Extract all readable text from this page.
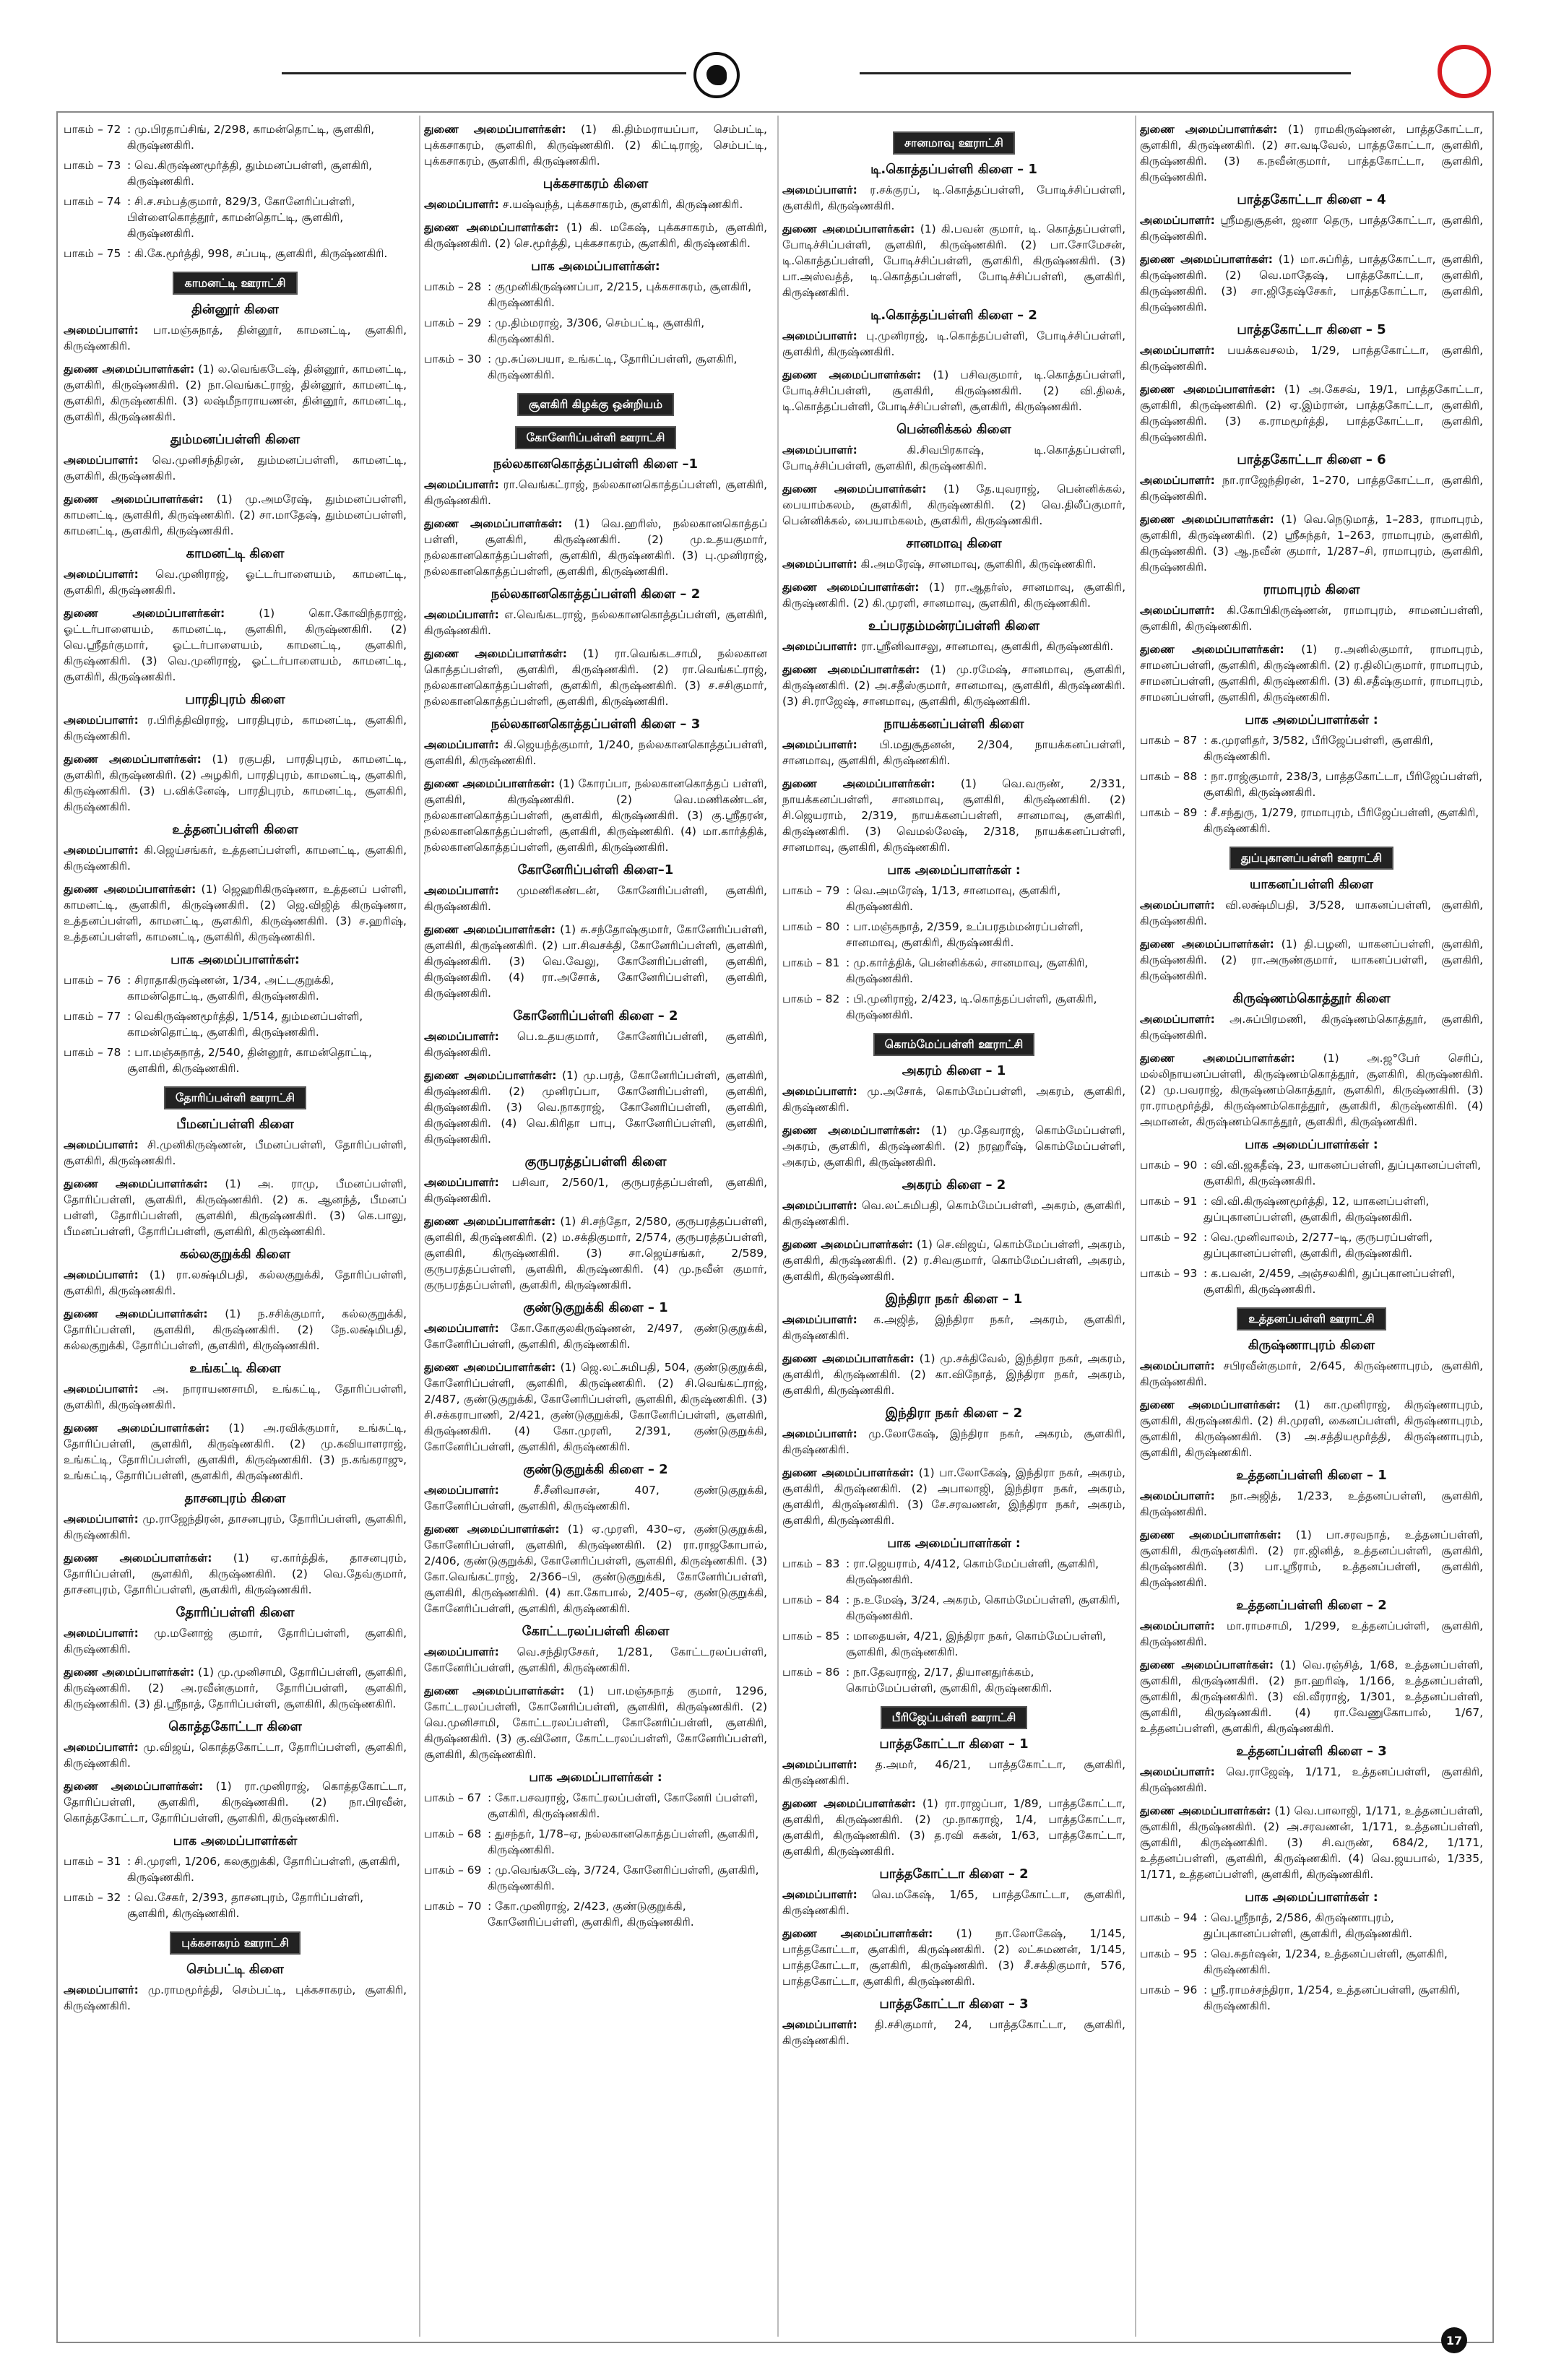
பாகம் – 72 : மு.பிரதாப்சிங், 2/298, காமன்தொட்டி, சூளகிரி, கிருஷ்ணகிரி.
பாகம் – 73 : வெ.கிருஷ்ணமூர்த்தி, தும்மனப்பள்ளி, சூளகிரி, கிருஷ்ணகிரி.
பாகம் – 74 : சி.ச.சம்பத்குமார், 829/3, கோனேரிப்பள்ளி, பிள்ளைகொத்தூர், காமன்தொட்டி, சூளகிரி, கிருஷ்ணகிரி.
பாகம் – 75 : கி.கே.மூர்த்தி, 998, சப்படி, சூளகிரி, கிருஷ்ணகிரி.
காமனட்டி ஊராட்சி
தின்னூர் கிளை

அமைப்பாளர்: பா.மஞ்சுநாத், தின்னூர், காமனட்டி, சூளகிரி, கிருஷ்ணகிரி.

துணை அமைப்பாளர்கள்: (1) ல.வெங்கடேஷ், தின்னூர், காமனட்டி, சூளகிரி, கிருஷ்ணகிரி. (2) நா.வெங்கட்ராஜ், தின்னூர், காமனட்டி, சூளகிரி, கிருஷ்ணகிரி. (3) லஷ்மீநாராயணன், தின்னூர், காமனட்டி, சூளகிரி, கிருஷ்ணகிரி.

தும்மனப்பள்ளி கிளை

அமைப்பாளர்: வெ.முனிசந்திரன், தும்மனப்பள்ளி, காமனட்டி, சூளகிரி, கிருஷ்ணகிரி.

துணை அமைப்பாளர்கள்: (1) மு.அமரேஷ், தும்மனப்பள்ளி, காமனட்டி, சூளகிரி, கிருஷ்ணகிரி. (2) சா.மாதேஷ், தும்மனப்பள்ளி, காமனட்டி, சூளகிரி, கிருஷ்ணகிரி.

காமனட்டி கிளை

அமைப்பாளர்: வெ.முனிராஜ், ஓட்டர்பாளையம், காமனட்டி, சூளகிரி, கிருஷ்ணகிரி.

துணை அமைப்பாளர்கள்: (1) கொ.கோவிந்தராஜ், ஓட்டர்பாளையம், காமனட்டி, சூளகிரி, கிருஷ்ணகிரி. (2) வெ.ஸ்ரீதர்குமார், ஓட்டர்பாளையம், காமனட்டி, சூளகிரி, கிருஷ்ணகிரி. (3) வெ.முனிராஜ், ஓட்டர்பாளையம், காமனட்டி, சூளகிரி, கிருஷ்ணகிரி.

பாரதிபுரம் கிளை

அமைப்பாளர்: ர.பிரித்திவிராஜ், பாரதிபுரம், காமனட்டி, சூளகிரி, கிருஷ்ணகிரி.

துணை அமைப்பாளர்கள்: (1) ரகுபதி, பாரதிபுரம், காமனட்டி, சூளகிரி, கிருஷ்ணகிரி. (2) அழகிரி, பாரதிபுரம், காமனட்டி, சூளகிரி, கிருஷ்ணகிரி. (3) ப.விக்னேஷ், பாரதிபுரம், காமனட்டி, சூளகிரி, கிருஷ்ணகிரி.

உத்தனப்பள்ளி கிளை

அமைப்பாளர்: கி.ஜெய்சங்கர், உத்தனப்பள்ளி, காமனட்டி, சூளகிரி, கிருஷ்ணகிரி.

துணை அமைப்பாளர்கள்: (1) ஜெஹரிகிருஷ்ணா, உத்தனப் பள்ளி, காமனட்டி, சூளகிரி, கிருஷ்ணகிரி. (2) ஜெ.விஜித் கிருஷ்ணா, உத்தனப்பள்ளி, காமனட்டி, சூளகிரி, கிருஷ்ணகிரி. (3) ச.ஹரிஷ், உத்தனப்பள்ளி, காமனட்டி, சூளகிரி, கிருஷ்ணகிரி.

பாக அமைப்பாளர்கள்:
பாகம் – 76 : சிராதாகிருஷ்ணன், 1/34, அட்டகுறுக்கி, காமன்தொட்டி, சூளகிரி, கிருஷ்ணகிரி.
பாகம் – 77 : வெகிருஷ்ணமூர்த்தி, 1/514, தும்மனப்பள்ளி, காமன்தொட்டி, சூளகிரி, கிருஷ்ணகிரி.
பாகம் – 78 : பா.மஞ்சுநாத், 2/540, தின்னூர், காமன்தொட்டி, சூளகிரி, கிருஷ்ணகிரி.
தோரிப்பள்ளி ஊராட்சி
பீமனப்பள்ளி கிளை

அமைப்பாளர்: சி.முனிகிருஷ்ணன், பீமனப்பள்ளி, தோரிப்பள்ளி, சூளகிரி, கிருஷ்ணகிரி.

துணை அமைப்பாளர்கள்: (1) அ. ராமு, பீமனப்பள்ளி, தோரிப்பள்ளி, சூளகிரி, கிருஷ்ணகிரி. (2) க. ஆனந்த், பீமனப் பள்ளி, தோரிப்பள்ளி, சூளகிரி, கிருஷ்ணகிரி. (3) கெ.பாலு, பீமனப்பள்ளி, தோரிப்பள்ளி, சூளகிரி, கிருஷ்ணகிரி.

கல்லகுறுக்கி கிளை

அமைப்பாளர்: (1) ரா.லக்ஷ்மிபதி, கல்லகுறுக்கி, தோரிப்பள்ளி, சூளகிரி, கிருஷ்ணகிரி.

துணை அமைப்பாளர்கள்: (1) ந.சசிக்குமார், கல்லகுறுக்கி, தோரிப்பள்ளி, சூளகிரி, கிருஷ்ணகிரி. (2) நே.லக்ஷ்மிபதி, கல்லகுறுக்கி, தோரிப்பள்ளி, சூளகிரி, கிருஷ்ணகிரி.

உங்கட்டி கிளை

அமைப்பாளர்: அ. நாராயணசாமி, உங்கட்டி, தோரிப்பள்ளி, சூளகிரி, கிருஷ்ணகிரி.

துணை அமைப்பாளர்கள்: (1) அ.ரவிக்குமார், உங்கட்டி, தோரிப்பள்ளி, சூளகிரி, கிருஷ்ணகிரி. (2) மு.கவியாளராஜ், உங்கட்டி, தோரிப்பள்ளி, சூளகிரி, கிருஷ்ணகிரி. (3) ந.கங்கராஜு, உங்கட்டி, தோரிப்பள்ளி, சூளகிரி, கிருஷ்ணகிரி.

தாசனபுரம் கிளை

அமைப்பாளர்: மு.ராஜேந்திரன், தாசனபுரம், தோரிப்பள்ளி, சூளகிரி, கிருஷ்ணகிரி.

துணை அமைப்பாளர்கள்: (1) ஏ.கார்த்திக், தாசனபுரம், தோரிப்பள்ளி, சூளகிரி, கிருஷ்ணகிரி. (2) வெ.தேவ்குமார், தாசனபுரம், தோரிப்பள்ளி, சூளகிரி, கிருஷ்ணகிரி.

தோரிப்பள்ளி கிளை

அமைப்பாளர்: மு.மனோஜ் குமார், தோரிப்பள்ளி, சூளகிரி, கிருஷ்ணகிரி.

துணை அமைப்பாளர்கள்: (1) மு.முனிசாமி, தோரிப்பள்ளி, சூளகிரி, கிருஷ்ணகிரி. (2) அ.ரவீன்குமார், தோரிப்பள்ளி, சூளகிரி, கிருஷ்ணகிரி. (3) தி.ஸ்ரீநாத், தோரிப்பள்ளி, சூளகிரி, கிருஷ்ணகிரி.

கொத்தகோட்டா கிளை

அமைப்பாளர்: மு.விஜய், கொத்தகோட்டா, தோரிப்பள்ளி, சூளகிரி, கிருஷ்ணகிரி.

துணை அமைப்பாளர்கள்: (1) ரா.முனிராஜ், கொத்தகோட்டா, தோரிப்பள்ளி, சூளகிரி, கிருஷ்ணகிரி. (2) நா.பிரவீன், கொத்தகோட்டா, தோரிப்பள்ளி, சூளகிரி, கிருஷ்ணகிரி.

பாக அமைப்பாளர்கள்
பாகம் – 31 : சி.முரளி, 1/206, கலகுறுக்கி, தோரிப்பள்ளி, சூளகிரி, கிருஷ்ணகிரி.
பாகம் – 32 : வெ.சேகர், 2/393, தாசனபுரம், தோரிப்பள்ளி, சூளகிரி, கிருஷ்ணகிரி.
புக்கசாகரம் ஊராட்சி
செம்பட்டி கிளை

அமைப்பாளர்: மு.ராமமூர்த்தி, செம்பட்டி, புக்கசாகரம், சூளகிரி, கிருஷ்ணகிரி.

துணை அமைப்பாளர்கள்: (1) கி.திம்மராயப்பா, செம்பட்டி, புக்கசாகரம், சூளகிரி, கிருஷ்ணகிரி. (2) கிட்டிராஜ், செம்பட்டி, புக்கசாகரம், சூளகிரி, கிருஷ்ணகிரி.

புக்கசாகரம் கிளை

அமைப்பாளர்: ச.யஷ்வந்த், புக்கசாகரம், சூளகிரி, கிருஷ்ணகிரி.

துணை அமைப்பாளர்கள்: (1) கி. மகேஷ், புக்கசாகரம், சூளகிரி, கிருஷ்ணகிரி. (2) செ.மூர்த்தி, புக்கசாகரம், சூளகிரி, கிருஷ்ணகிரி.

பாக அமைப்பாளர்கள்:
பாகம் – 28 : குமுனிகிருஷ்ணப்பா, 2/215, புக்கசாகரம், சூளகிரி, கிருஷ்ணகிரி.
பாகம் – 29 : மு.திம்மராஜ், 3/306, செம்பட்டி, சூளகிரி, கிருஷ்ணகிரி.
பாகம் – 30 : மு.சுப்பையா, உங்கட்டி, தோரிப்பள்ளி, சூளகிரி, கிருஷ்ணகிரி.
சூளகிரி கிழக்கு ஒன்றியம்
கோனேரிப்பள்ளி ஊராட்சி
நல்லகானகொத்தப்பள்ளி கிளை –1

அமைப்பாளர்: ரா.வெங்கட்ராஜ், நல்லகானகொத்தப்பள்ளி, சூளகிரி, கிருஷ்ணகிரி.

துணை அமைப்பாளர்கள்: (1) வெ.ஹரிஸ், நல்லகானகொத்தப் பள்ளி, சூளகிரி, கிருஷ்ணகிரி. (2) மு.உதயகுமார், நல்லகானகொத்தப்பள்ளி, சூளகிரி, கிருஷ்ணகிரி. (3) பு.முனிராஜ், நல்லகானகொத்தப்பள்ளி, சூளகிரி, கிருஷ்ணகிரி.

நல்லகானகொத்தப்பள்ளி கிளை – 2

அமைப்பாளர்: எ.வெங்கடராஜ், நல்லகானகொத்தப்பள்ளி, சூளகிரி, கிருஷ்ணகிரி.

துணை அமைப்பாளர்கள்: (1) ரா.வெங்கடசாமி, நல்லகான கொத்தப்பள்ளி, சூளகிரி, கிருஷ்ணகிரி. (2) ரா.வெங்கட்ராஜ், நல்லகானகொத்தப்பள்ளி, சூளகிரி, கிருஷ்ணகிரி. (3) ச.சசிகுமார், நல்லகானகொத்தப்பள்ளி, சூளகிரி, கிருஷ்ணகிரி.

நல்லகானகொத்தப்பள்ளி கிளை – 3

அமைப்பாளர்: கி.ஜெயந்த்குமார், 1/240, நல்லகானகொத்தப்பள்ளி, சூளகிரி, கிருஷ்ணகிரி.

துணை அமைப்பாளர்கள்: (1) கோரப்பா, நல்லகானகொத்தப் பள்ளி, சூளகிரி, கிருஷ்ணகிரி. (2) வெ.மணிகண்டன், நல்லகானகொத்தப்பள்ளி, சூளகிரி, கிருஷ்ணகிரி. (3) கு.ஸ்ரீதரன், நல்லகானகொத்தப்பள்ளி, சூளகிரி, கிருஷ்ணகிரி. (4) மா.கார்த்திக், நல்லகானகொத்தப்பள்ளி, சூளகிரி, கிருஷ்ணகிரி.

கோனேரிப்பள்ளி கிளை–1

அமைப்பாளர்: முமணிகண்டன், கோனேரிப்பள்ளி, சூளகிரி, கிருஷ்ணகிரி.

துணை அமைப்பாளர்கள்: (1) சு.சந்தோஷ்குமார், கோனேரிப்பள்ளி, சூளகிரி, கிருஷ்ணகிரி. (2) பா.சிவசக்தி, கோனேரிப்பள்ளி, சூளகிரி, கிருஷ்ணகிரி. (3) வெ.வேலு, கோனேரிப்பள்ளி, சூளகிரி, கிருஷ்ணகிரி. (4) ரா.அசோக், கோனேரிப்பள்ளி, சூளகிரி, கிருஷ்ணகிரி.

கோனேரிப்பள்ளி கிளை – 2

அமைப்பாளர்: பெ.உதயகுமார், கோனேரிப்பள்ளி, சூளகிரி, கிருஷ்ணகிரி.

துணை அமைப்பாளர்கள்: (1) மு.பரத், கோனேரிப்பள்ளி, சூளகிரி, கிருஷ்ணகிரி. (2) முனிரப்பா, கோனேரிப்பள்ளி, சூளகிரி, கிருஷ்ணகிரி. (3) வெ.நாகராஜ், கோனேரிப்பள்ளி, சூளகிரி, கிருஷ்ணகிரி. (4) வெ.கிரிதா பாபு, கோனேரிப்பள்ளி, சூளகிரி, கிருஷ்ணகிரி.

குருபரத்தப்பள்ளி கிளை

அமைப்பாளர்: பசிவா, 2/560/1, குருபரத்தப்பள்ளி, சூளகிரி, கிருஷ்ணகிரி.

துணை அமைப்பாளர்கள்: (1) சி.சந்தோ, 2/580, குருபரத்தப்பள்ளி, சூளகிரி, கிருஷ்ணகிரி. (2) ம.சக்திகுமார், 2/574, குருபரத்தப்பள்ளி, சூளகிரி, கிருஷ்ணகிரி. (3) சா.ஜெய்சங்கர், 2/589, குருபரத்தப்பள்ளி, சூளகிரி, கிருஷ்ணகிரி. (4) மு.நவீன் குமார், குருபரத்தப்பள்ளி, சூளகிரி, கிருஷ்ணகிரி.

குண்டுகுறுக்கி கிளை – 1

அமைப்பாளர்: கோ.கோகுலகிருஷ்ணன், 2/497, குண்டுகுறுக்கி, கோனேரிப்பள்ளி, சூளகிரி, கிருஷ்ணகிரி.

துணை அமைப்பாளர்கள்: (1) ஜெ.லட்சுமிபதி, 504, குண்டுகுறுக்கி, கோனேரிப்பள்ளி, சூளகிரி, கிருஷ்ணகிரி. (2) சி.வெங்கட்ராஜ், 2/487, குண்டுகுறுக்கி, கோனேரிப்பள்ளி, சூளகிரி, கிருஷ்ணகிரி. (3) சி.சக்கராபாணி, 2/421, குண்டுகுறுக்கி, கோனேரிப்பள்ளி, சூளகிரி, கிருஷ்ணகிரி. (4) கோ.முரளி, 2/391, குண்டுகுறுக்கி, கோனேரிப்பள்ளி, சூளகிரி, கிருஷ்ணகிரி.

குண்டுகுறுக்கி கிளை – 2

அமைப்பாளர்: சீ.சீனிவாசன், 407, குண்டுகுறுக்கி, கோனேரிப்பள்ளி, சூளகிரி, கிருஷ்ணகிரி.

துணை அமைப்பாளர்கள்: (1) ஏ.முரளி, 430–ஏ, குண்டுகுறுக்கி, கோனேரிப்பள்ளி, சூளகிரி, கிருஷ்ணகிரி. (2) ரா.ராஜகோபால், 2/406, குண்டுகுறுக்கி, கோனேரிப்பள்ளி, சூளகிரி, கிருஷ்ணகிரி. (3) கோ.வெங்கட்ராஜ், 2/366–பி, குண்டுகுறுக்கி, கோனேரிப்பள்ளி, சூளகிரி, கிருஷ்ணகிரி. (4) கா.கோபால், 2/405–ஏ, குண்டுகுறுக்கி, கோனேரிப்பள்ளி, சூளகிரி, கிருஷ்ணகிரி.

கோட்டரலப்பள்ளி கிளை

அமைப்பாளர்: வெ.சந்திரசேகர், 1/281, கோட்டரலப்பள்ளி, கோனேரிப்பள்ளி, சூளகிரி, கிருஷ்ணகிரி.

துணை அமைப்பாளர்கள்: (1) பா.மஞ்சுநாத் குமார், 1296, கோட்டரலப்பள்ளி, கோனேரிப்பள்ளி, சூளகிரி, கிருஷ்ணகிரி. (2) வெ.முனிசாமி, கோட்டரலப்பள்ளி, கோனேரிப்பள்ளி, சூளகிரி, கிருஷ்ணகிரி. (3) கு.வினோ, கோட்டரலப்பள்ளி, கோனேரிப்பள்ளி, சூளகிரி, கிருஷ்ணகிரி.

பாக அமைப்பாளர்கள் :
பாகம் – 67 : கோ.பசவராஜ், கோட்ரலப்பள்ளி, கோனேரி ப்பள்ளி, சூளகிரி, கிருஷ்ணகிரி.
பாகம் – 68 : துசந்தர், 1/78–ஏ, நல்லகானகொத்தப்பள்ளி, சூளகிரி, கிருஷ்ணகிரி.
பாகம் – 69 : மு.வெங்கடேஷ், 3/724, கோனேரிப்பள்ளி, சூளகிரி, கிருஷ்ணகிரி.
பாகம் – 70 : கோ.முனிராஜ், 2/423, குண்டுகுறுக்கி, கோனேரிப்பள்ளி, சூளகிரி, கிருஷ்ணகிரி.
சானமாவு ஊராட்சி
டி.கொத்தப்பள்ளி கிளை – 1

அமைப்பாளர்: ர.சக்குரப், டி.கொத்தப்பள்ளி, போடிச்சிப்பள்ளி, சூளகிரி, கிருஷ்ணகிரி.

துணை அமைப்பாளர்கள்: (1) கி.பவன் குமார், டி. கொத்தப்பள்ளி, போடிச்சிப்பள்ளி, சூளகிரி, கிருஷ்ணகிரி. (2) பா.சோமேசன், டி.கொத்தப்பள்ளி, போடிச்சிப்பள்ளி, சூளகிரி, கிருஷ்ணகிரி. (3) பா.அஸ்வத்த், டி.கொத்தப்பள்ளி, போடிச்சிப்பள்ளி, சூளகிரி, கிருஷ்ணகிரி.

டி.கொத்தப்பள்ளி கிளை – 2

அமைப்பாளர்: பு.முனிராஜ், டி.கொத்தப்பள்ளி, போடிச்சிப்பள்ளி, சூளகிரி, கிருஷ்ணகிரி.

துணை அமைப்பாளர்கள்: (1) பசிவகுமார், டி.கொத்தப்பள்ளி, போடிச்சிப்பள்ளி, சூளகிரி, கிருஷ்ணகிரி. (2) வி.திலக், டி.கொத்தப்பள்ளி, போடிச்சிப்பள்ளி, சூளகிரி, கிருஷ்ணகிரி.

பென்னிக்கல் கிளை

அமைப்பாளர்: கி.சிவபிரகாஷ், டி.கொத்தப்பள்ளி, போடிச்சிப்பள்ளி, சூளகிரி, கிருஷ்ணகிரி.

துணை அமைப்பாளர்கள்: (1) தே.யுவராஜ், பென்னிக்கல், பையாம்கலம், சூளகிரி, கிருஷ்ணகிரி. (2) வெ.திலீப்குமார், பென்னிக்கல், பையாம்கலம், சூளகிரி, கிருஷ்ணகிரி.

சானமாவு கிளை

அமைப்பாளர்: கி.அமரேஷ், சானமாவு, சூளகிரி, கிருஷ்ணகிரி.

துணை அமைப்பாளர்கள்: (1) ரா.ஆதர்ஸ், சானமாவு, சூளகிரி, கிருஷ்ணகிரி. (2) கி.முரளி, சானமாவு, சூளகிரி, கிருஷ்ணகிரி.

உப்பரதம்மன்ரப்பள்ளி கிளை

அமைப்பாளர்: ரா.ஸ்ரீனிவாசலு, சானமாவு, சூளகிரி, கிருஷ்ணகிரி.

துணை அமைப்பாளர்கள்: (1) மு.ரமேஷ், சானமாவு, சூளகிரி, கிருஷ்ணகிரி. (2) அ.சதீஸ்குமார், சானமாவு, சூளகிரி, கிருஷ்ணகிரி. (3) சி.ராஜேஷ், சானமாவு, சூளகிரி, கிருஷ்ணகிரி.

நாயக்கனப்பள்ளி கிளை

அமைப்பாளர்: பி.மதுசூதனன், 2/304, நாயக்கனப்பள்ளி, சானமாவு, சூளகிரி, கிருஷ்ணகிரி.

துணை அமைப்பாளர்கள்: (1) வெ.வருண், 2/331, நாயக்கனப்பள்ளி, சானமாவு, சூளகிரி, கிருஷ்ணகிரி. (2) சி.ஜெயராம், 2/319, நாயக்கனப்பள்ளி, சானமாவு, சூளகிரி, கிருஷ்ணகிரி. (3) வெமல்லேஷ், 2/318, நாயக்கனப்பள்ளி, சானமாவு, சூளகிரி, கிருஷ்ணகிரி.

பாக அமைப்பாளர்கள் :
பாகம் – 79 : வெ.அமரேஷ், 1/13, சானமாவு, சூளகிரி, கிருஷ்ணகிரி.
பாகம் – 80 : பா.மஞ்சுநாத், 2/359, உப்பரதம்மன்ரப்பள்ளி, சானமாவு, சூளகிரி, கிருஷ்ணகிரி.
பாகம் – 81 : மு.கார்த்திக், பென்னிக்கல், சானமாவு, சூளகிரி, கிருஷ்ணகிரி.
பாகம் – 82 : பி.முனிராஜ், 2/423, டி.கொத்தப்பள்ளி, சூளகிரி, கிருஷ்ணகிரி.
கொம்மேப்பள்ளி ஊராட்சி
அகரம் கிளை – 1

அமைப்பாளர்: மு.அசோக், கொம்மேப்பள்ளி, அகரம், சூளகிரி, கிருஷ்ணகிரி.

துணை அமைப்பாளர்கள்: (1) மு.தேவராஜ், கொம்மேப்பள்ளி, அகரம், சூளகிரி, கிருஷ்ணகிரி. (2) நரஹரீஷ், கொம்மேப்பள்ளி, அகரம், சூளகிரி, கிருஷ்ணகிரி.

அகரம் கிளை – 2

அமைப்பாளர்: வெ.லட்சுமிபதி, கொம்மேப்பள்ளி, அகரம், சூளகிரி, கிருஷ்ணகிரி.

துணை அமைப்பாளர்கள்: (1) செ.விஜய், கொம்மேப்பள்ளி, அகரம், சூளகிரி, கிருஷ்ணகிரி. (2) ர.சிவகுமார், கொம்மேப்பள்ளி, அகரம், சூளகிரி, கிருஷ்ணகிரி.

இந்திரா நகர் கிளை – 1

அமைப்பாளர்: க.அஜித், இந்திரா நகர், அகரம், சூளகிரி, கிருஷ்ணகிரி.

துணை அமைப்பாளர்கள்: (1) மு.சக்திவேல், இந்திரா நகர், அகரம், சூளகிரி, கிருஷ்ணகிரி. (2) கா.விநோத், இந்திரா நகர், அகரம், சூளகிரி, கிருஷ்ணகிரி.

இந்திரா நகர் கிளை – 2

அமைப்பாளர்: மு.லோகேஷ், இந்திரா நகர், அகரம், சூளகிரி, கிருஷ்ணகிரி.

துணை அமைப்பாளர்கள்: (1) பா.லோகேஷ், இந்திரா நகர், அகரம், சூளகிரி, கிருஷ்ணகிரி. (2) அபாலாஜி, இந்திரா நகர், அகரம், சூளகிரி, கிருஷ்ணகிரி. (3) சே.சரவணன், இந்திரா நகர், அகரம், சூளகிரி, கிருஷ்ணகிரி.

பாக அமைப்பாளர்கள் :
பாகம் – 83 : ரா.ஜெயராம், 4/412, கொம்மேப்பள்ளி, சூளகிரி, கிருஷ்ணகிரி.
பாகம் – 84 : ந.உமேஷ், 3/24, அகரம், கொம்மேப்பள்ளி, சூளகிரி, கிருஷ்ணகிரி.
பாகம் – 85 : மாதையன், 4/21, இந்திரா நகர், கொம்மேப்பள்ளி, சூளகிரி, கிருஷ்ணகிரி.
பாகம் – 86 : நா.தேவராஜ், 2/17, தியானதுர்க்கம், கொம்மேப்பள்ளி, சூளகிரி, கிருஷ்ணகிரி.
பீரிஜேப்பள்ளி ஊராட்சி
பாத்தகோட்டா கிளை – 1

அமைப்பாளர்: த.அமர், 46/21, பாத்தகோட்டா, சூளகிரி, கிருஷ்ணகிரி.

துணை அமைப்பாளர்கள்: (1) ரா.ராஜப்பா, 1/89, பாத்தகோட்டா, சூளகிரி, கிருஷ்ணகிரி. (2) மு.நாகராஜ், 1/4, பாத்தகோட்டா, சூளகிரி, கிருஷ்ணகிரி. (3) த.ரவி சுகன், 1/63, பாத்தகோட்டா, சூளகிரி, கிருஷ்ணகிரி.

பாத்தகோட்டா கிளை – 2

அமைப்பாளர்: வெ.மகேஷ், 1/65, பாத்தகோட்டா, சூளகிரி, கிருஷ்ணகிரி.

துணை அமைப்பாளர்கள்: (1) நா.லோகேஷ், 1/145, பாத்தகோட்டா, சூளகிரி, கிருஷ்ணகிரி. (2) லட்சுமணன், 1/145, பாத்தகோட்டா, சூளகிரி, கிருஷ்ணகிரி. (3) சீ.சக்திகுமார், 576, பாத்தகோட்டா, சூளகிரி, கிருஷ்ணகிரி.

பாத்தகோட்டா கிளை – 3

அமைப்பாளர்: தி.சசிகுமார், 24, பாத்தகோட்டா, சூளகிரி, கிருஷ்ணகிரி.

துணை அமைப்பாளர்கள்: (1) ராமகிருஷ்ணன், பாத்தகோட்டா, சூளகிரி, கிருஷ்ணகிரி. (2) சா.வடிவேல், பாத்தகோட்டா, சூளகிரி, கிருஷ்ணகிரி. (3) க.நவீன்குமார், பாத்தகோட்டா, சூளகிரி, கிருஷ்ணகிரி.

பாத்தகோட்டா கிளை – 4

அமைப்பாளர்: ஸ்ரீமதுசூதன், ஜனா தெரு, பாத்தகோட்டா, சூளகிரி, கிருஷ்ணகிரி.

துணை அமைப்பாளர்கள்: (1) மா.சுப்ரித், பாத்தகோட்டா, சூளகிரி, கிருஷ்ணகிரி. (2) வெ.மாதேஷ், பாத்தகோட்டா, சூளகிரி, கிருஷ்ணகிரி. (3) சா.ஜிதேஷ்சேகர், பாத்தகோட்டா, சூளகிரி, கிருஷ்ணகிரி.

பாத்தகோட்டா கிளை – 5

அமைப்பாளர்: பயக்கவசலம், 1/29, பாத்தகோட்டா, சூளகிரி, கிருஷ்ணகிரி.

துணை அமைப்பாளர்கள்: (1) அ.கேசவ், 19/1, பாத்தகோட்டா, சூளகிரி, கிருஷ்ணகிரி. (2) ஏ.இம்ரான், பாத்தகோட்டா, சூளகிரி, கிருஷ்ணகிரி. (3) க.ராமமூர்த்தி, பாத்தகோட்டா, சூளகிரி, கிருஷ்ணகிரி.

பாத்தகோட்டா கிளை – 6

அமைப்பாளர்: நா.ராஜேந்திரன், 1–270, பாத்தகோட்டா, சூளகிரி, கிருஷ்ணகிரி.

துணை அமைப்பாளர்கள்: (1) வெ.நெடுமாத், 1–283, ராமாபுரம், சூளகிரி, கிருஷ்ணகிரி. (2) ஸ்ரீசுந்தர், 1–263, ராமாபுரம், சூளகிரி, கிருஷ்ணகிரி. (3) ஆ.நவீன் குமார், 1/287–சி, ராமாபுரம், சூளகிரி, கிருஷ்ணகிரி.

ராமாபுரம் கிளை

அமைப்பாளர்: கி.கோபிகிருஷ்ணன், ராமாபுரம், சாமனப்பள்ளி, சூளகிரி, கிருஷ்ணகிரி.

துணை அமைப்பாளர்கள்: (1) ர.அனில்குமார், ராமாபுரம், சாமனப்பள்ளி, சூளகிரி, கிருஷ்ணகிரி. (2) ர.திலிப்குமார், ராமாபுரம், சாமனப்பள்ளி, சூளகிரி, கிருஷ்ணகிரி. (3) கி.சதீஷ்குமார், ராமாபுரம், சாமனப்பள்ளி, சூளகிரி, கிருஷ்ணகிரி.

பாக அமைப்பாளர்கள் :
பாகம் – 87 : க.முரளிதர், 3/582, பீரிஜேப்பள்ளி, சூளகிரி, கிருஷ்ணகிரி.
பாகம் – 88 : நா.ராஜ்குமார், 238/3, பாத்தகோட்டா, பீரிஜேப்பள்ளி, சூளகிரி, கிருஷ்ணகிரி.
பாகம் – 89 : சீ.சந்துரு, 1/279, ராமாபுரம், பீரிஜேப்பள்ளி, சூளகிரி, கிருஷ்ணகிரி.
துப்புகானப்பள்ளி ஊராட்சி
யாகனப்பள்ளி கிளை

அமைப்பாளர்: வி.லக்ஷ்மிபதி, 3/528, யாகனப்பள்ளி, சூளகிரி, கிருஷ்ணகிரி.

துணை அமைப்பாளர்கள்: (1) தி.பழனி, யாகனப்பள்ளி, சூளகிரி, கிருஷ்ணகிரி. (2) ரா.அருண்குமார், யாகனப்பள்ளி, சூளகிரி, கிருஷ்ணகிரி.

கிருஷ்ணம்கொத்தூர் கிளை

அமைப்பாளர்: அ.சுப்பிரமணி, கிருஷ்ணம்கொத்தூர், சூளகிரி, கிருஷ்ணகிரி.

துணை அமைப்பாளர்கள்: (1) அ.ஜ°பேர் செரிப், மல்லிநாயனப்பள்ளி, கிருஷ்ணம்கொத்தூர், சூளகிரி, கிருஷ்ணகிரி. (2) மு.பவராஜ், கிருஷ்ணம்கொத்தூர், சூளகிரி, கிருஷ்ணகிரி. (3) ரா.ராமமூர்த்தி, கிருஷ்ணம்கொத்தூர், சூளகிரி, கிருஷ்ணகிரி. (4) அமானன், கிருஷ்ணம்கொத்தூர், சூளகிரி, கிருஷ்ணகிரி.

பாக அமைப்பாளர்கள் :
பாகம் – 90 : வி.வி.ஜகதீஷ், 23, யாகனப்பள்ளி, துப்புகானப்பள்ளி, சூளகிரி, கிருஷ்ணகிரி.
பாகம் – 91 : வி.வி.கிருஷ்ணமூர்த்தி, 12, யாகனப்பள்ளி, துப்புகானப்பள்ளி, சூளகிரி, கிருஷ்ணகிரி.
பாகம் – 92 : வெ.முனிவாலம், 2/277–டி, குருபரப்பள்ளி, துப்புகானப்பள்ளி, சூளகிரி, கிருஷ்ணகிரி.
பாகம் – 93 : க.பவன், 2/459, அஞ்சலகிரி, துப்புகானப்பள்ளி, சூளகிரி, கிருஷ்ணகிரி.
உத்தனப்பள்ளி ஊராட்சி
கிருஷ்ணாபுரம் கிளை

அமைப்பாளர்: சபிரவீன்குமார், 2/645, கிருஷ்ணாபுரம், சூளகிரி, கிருஷ்ணகிரி.

துணை அமைப்பாளர்கள்: (1) கா.முனிராஜ், கிருஷ்ணாபுரம், சூளகிரி, கிருஷ்ணகிரி. (2) சி.முரளி, கைனப்பள்ளி, கிருஷ்ணாபுரம், சூளகிரி, கிருஷ்ணகிரி. (3) அ.சத்தியமூர்த்தி, கிருஷ்ணாபுரம், சூளகிரி, கிருஷ்ணகிரி.

உத்தனப்பள்ளி கிளை – 1

அமைப்பாளர்: நா.அஜித், 1/233, உத்தனப்பள்ளி, சூளகிரி, கிருஷ்ணகிரி.

துணை அமைப்பாளர்கள்: (1) பா.சரவநாத், உத்தனப்பள்ளி, சூளகிரி, கிருஷ்ணகிரி. (2) ரா.ஜினித், உத்தனப்பள்ளி, சூளகிரி, கிருஷ்ணகிரி. (3) பா.ஸ்ரீராம், உத்தனப்பள்ளி, சூளகிரி, கிருஷ்ணகிரி.

உத்தனப்பள்ளி கிளை – 2

அமைப்பாளர்: மா.ராமசாமி, 1/299, உத்தனப்பள்ளி, சூளகிரி, கிருஷ்ணகிரி.

துணை அமைப்பாளர்கள்: (1) வெ.ரஞ்சித், 1/68, உத்தனப்பள்ளி, சூளகிரி, கிருஷ்ணகிரி. (2) நா.ஹரிஷ், 1/166, உத்தனப்பள்ளி, சூளகிரி, கிருஷ்ணகிரி. (3) வி.வீரராஜ், 1/301, உத்தனப்பள்ளி, சூளகிரி, கிருஷ்ணகிரி. (4) ரா.வேணுகோபால், 1/67, உத்தனப்பள்ளி, சூளகிரி, கிருஷ்ணகிரி.

உத்தனப்பள்ளி கிளை – 3

அமைப்பாளர்: வெ.ராஜேஷ், 1/171, உத்தனப்பள்ளி, சூளகிரி, கிருஷ்ணகிரி.

துணை அமைப்பாளர்கள்: (1) வெ.பாலாஜி, 1/171, உத்தனப்பள்ளி, சூளகிரி, கிருஷ்ணகிரி. (2) அ.சரவணன், 1/171, உத்தனப்பள்ளி, சூளகிரி, கிருஷ்ணகிரி. (3) சி.வருண், 684/2, 1/171, உத்தனப்பள்ளி, சூளகிரி, கிருஷ்ணகிரி. (4) வெ.ஜயபால், 1/335, 1/171, உத்தனப்பள்ளி, சூளகிரி, கிருஷ்ணகிரி.

பாக அமைப்பாளர்கள் :
பாகம் – 94 : வெ.ஸ்ரீநாத், 2/586, கிருஷ்ணாபுரம், துப்புகானப்பள்ளி, சூளகிரி, கிருஷ்ணகிரி.
பாகம் – 95 : வெ.சுதர்ஷன், 1/234, உத்தனப்பள்ளி, சூளகிரி, கிருஷ்ணகிரி.
பாகம் – 96 : ஸ்ரீ.ராமச்சந்திரா, 1/254, உத்தனப்பள்ளி, சூளகிரி, கிருஷ்ணகிரி.
17
